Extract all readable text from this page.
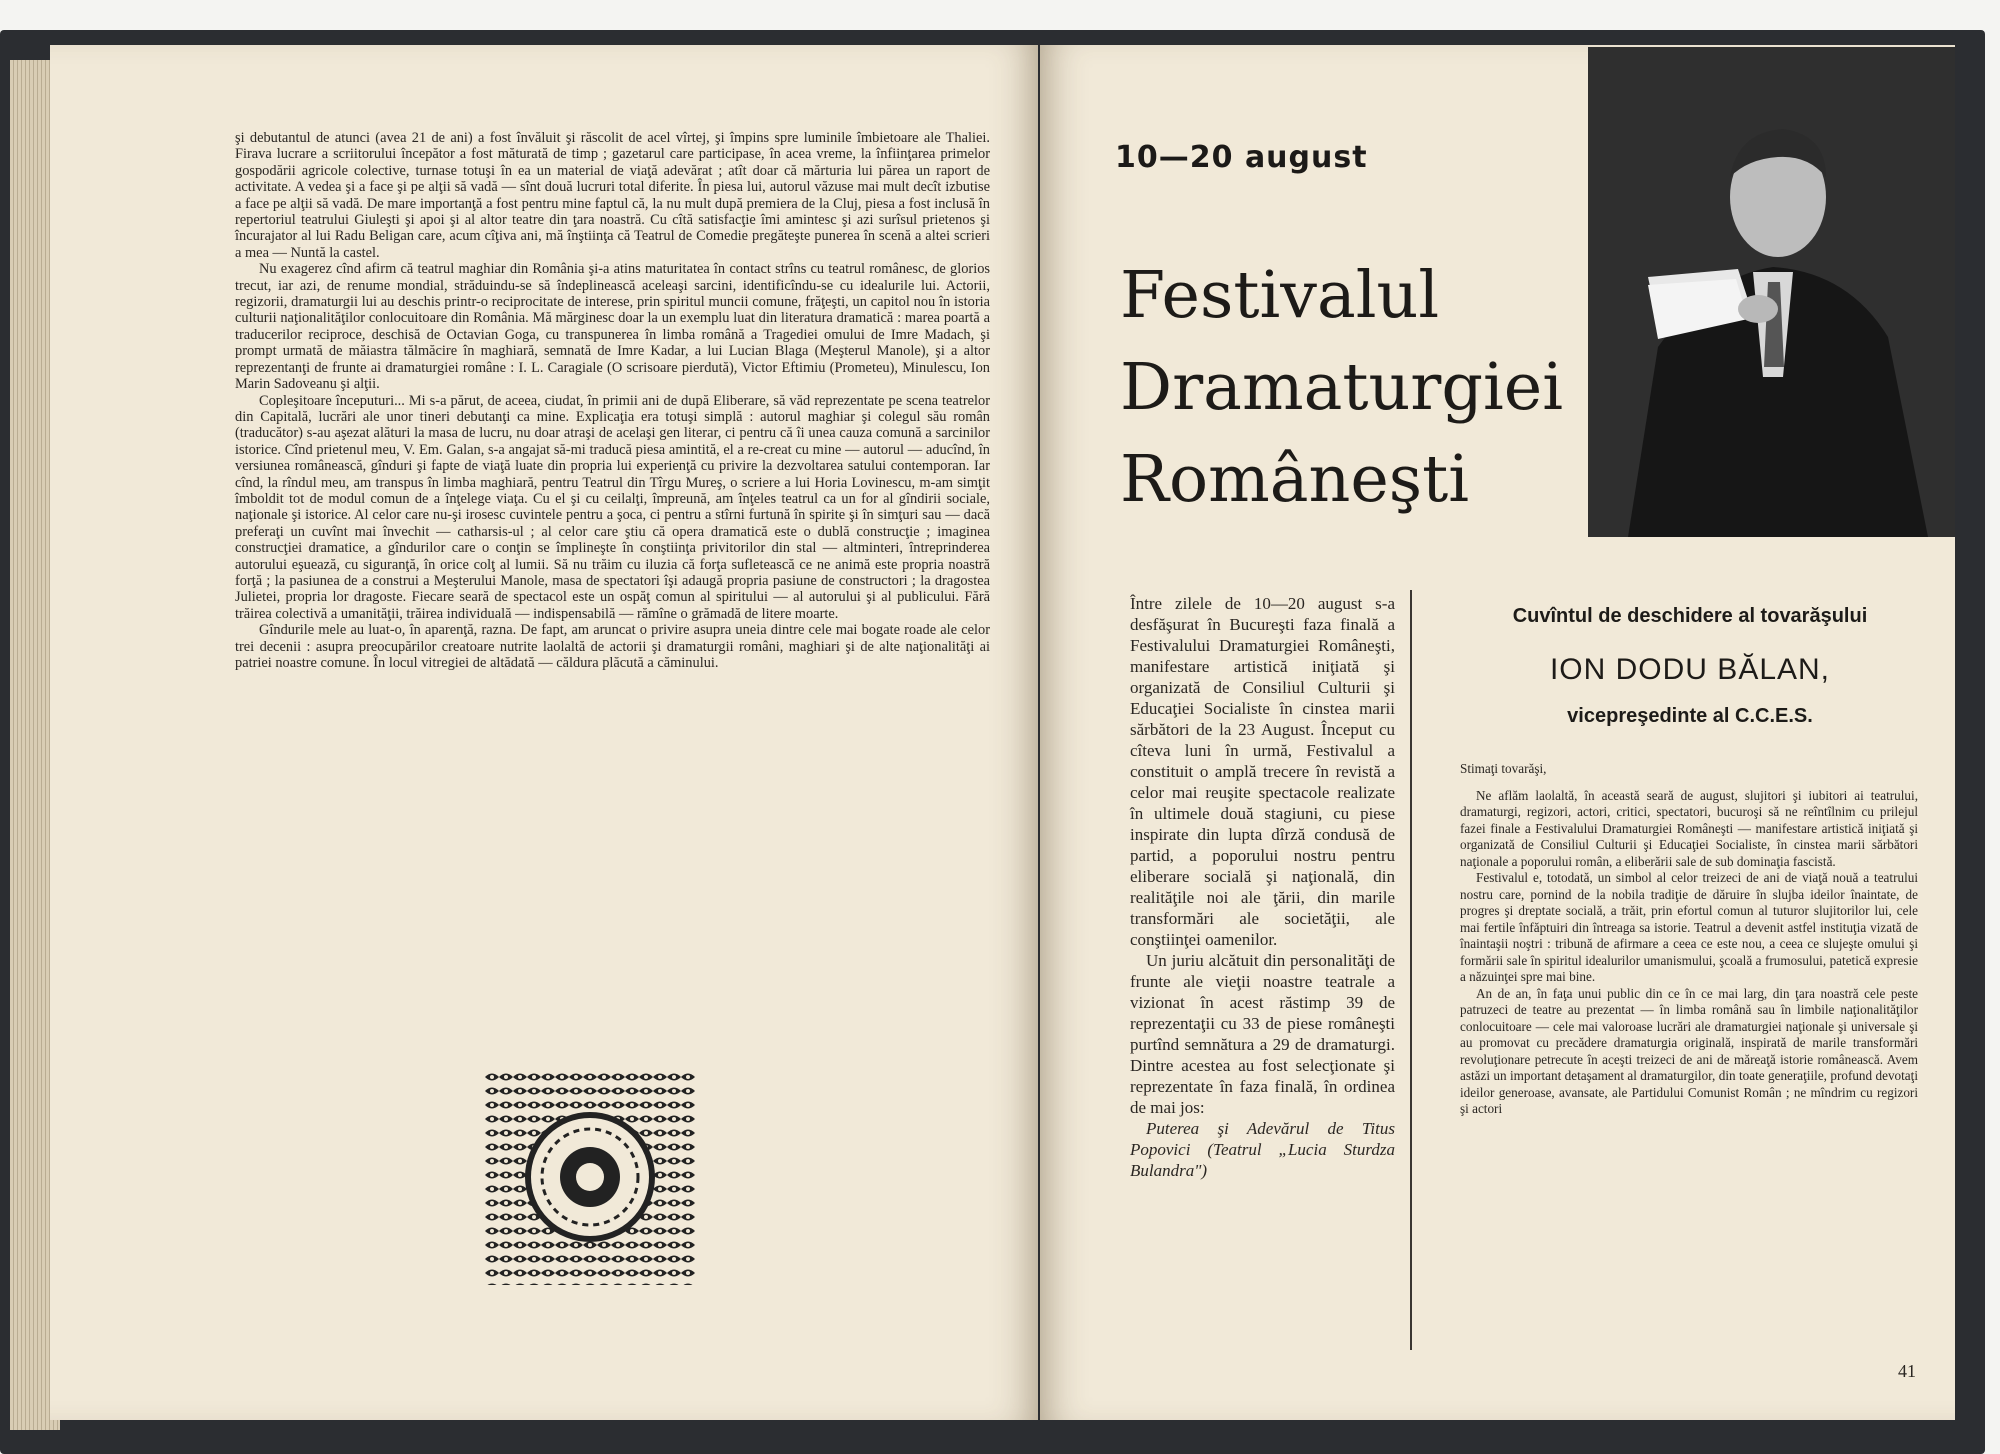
şi debutantul de atunci (avea 21 de ani) a fost învăluit şi răscolit de acel vîrtej, şi împins spre luminile îmbietoare ale Thaliei. Firava lucrare a scriitorului începător a fost măturată de timp ; gazetarul care participase, în acea vreme, la înfiinţarea primelor gospodării agricole colective, turnase totuşi în ea un material de viaţă adevărat ; atît doar că mărturia lui părea un raport de activitate. A vedea şi a face şi pe alţii să vadă — sînt două lucruri total diferite. În piesa lui, autorul văzuse mai mult decît izbutise a face pe alţii să vadă. De mare importanţă a fost pentru mine faptul că, la nu mult după premiera de la Cluj, piesa a fost inclusă în repertoriul teatrului Giuleşti şi apoi şi al altor teatre din ţara noastră. Cu cîtă satisfacţie îmi amintesc şi azi surîsul prietenos şi încurajator al lui Radu Beligan care, acum cîţiva ani, mă înştiinţa că Teatrul de Comedie pregăteşte punerea în scenă a altei scrieri a mea — Nuntă la castel.

Nu exagerez cînd afirm că teatrul maghiar din România şi-a atins maturitatea în contact strîns cu teatrul românesc, de glorios trecut, iar azi, de renume mondial, străduindu-se să îndeplinească aceleaşi sarcini, identificîndu-se cu idealurile lui. Actorii, regizorii, dramaturgii lui au deschis printr-o reciprocitate de interese, prin spiritul muncii comune, frăţeşti, un capitol nou în istoria culturii naţionalităţilor conlocuitoare din România. Mă mărginesc doar la un exemplu luat din literatura dramatică : marea poartă a traducerilor reciproce, deschisă de Octavian Goga, cu transpunerea în limba română a Tragediei omului de Imre Madach, şi prompt urmată de măiastra tălmăcire în maghiară, semnată de Imre Kadar, a lui Lucian Blaga (Meşterul Manole), şi a altor reprezentanţi de frunte ai dramaturgiei române : I. L. Caragiale (O scrisoare pierdută), Victor Eftimiu (Prometeu), Minulescu, Ion Marin Sadoveanu şi alţii.

Copleşitoare începuturi... Mi s-a părut, de aceea, ciudat, în primii ani de după Eliberare, să văd reprezentate pe scena teatrelor din Capitală, lucrări ale unor tineri debutanţi ca mine. Explicaţia era totuşi simplă : autorul maghiar şi colegul său român (traducător) s-au aşezat alături la masa de lucru, nu doar atraşi de acelaşi gen literar, ci pentru că îi unea cauza comună a sarcinilor istorice. Cînd prietenul meu, V. Em. Galan, s-a angajat să-mi traducă piesa amintită, el a re-creat cu mine — autorul — aducînd, în versiunea românească, gînduri şi fapte de viaţă luate din propria lui experienţă cu privire la dezvoltarea satului contemporan. Iar cînd, la rîndul meu, am transpus în limba maghiară, pentru Teatrul din Tîrgu Mureş, o scriere a lui Horia Lovinescu, m-am simţit îmboldit tot de modul comun de a înţelege viaţa. Cu el şi cu ceilalţi, împreună, am înţeles teatrul ca un for al gîndirii sociale, naţionale şi istorice. Al celor care nu-şi irosesc cuvintele pentru a şoca, ci pentru a stîrni furtună în spirite şi în simţuri sau — dacă preferaţi un cuvînt mai învechit — catharsis-ul ; al celor care ştiu că opera dramatică este o dublă construcţie ; imaginea construcţiei dramatice, a gîndurilor care o conţin se împlineşte în conştiinţa privitorilor din stal — altminteri, întreprinderea autorului eşuează, cu siguranţă, în orice colţ al lumii. Să nu trăim cu iluzia că forţa sufletească ce ne animă este propria noastră forţă ; la pasiunea de a construi a Meşterului Manole, masa de spectatori îşi adaugă propria pasiune de constructori ; la dragostea Julietei, propria lor dragoste. Fiecare seară de spectacol este un ospăţ comun al spiritului — al autorului şi al publicului. Fără trăirea colectivă a umanităţii, trăirea individuală — indispensabilă — rămîne o grămadă de litere moarte.

Gîndurile mele au luat-o, în aparenţă, razna. De fapt, am aruncat o privire asupra uneia dintre cele mai bogate roade ale celor trei decenii : asupra preocupărilor creatoare nutrite laolaltă de actorii şi dramaturgii români, maghiari şi de alte naţionalităţi ai patriei noastre comune. În locul vitregiei de altădată — căldura plăcută a căminului.

10—20 august
Festivalul
Dramaturgiei
Româneşti

Între zilele de 10—20 august s-a desfăşurat în Bucureşti faza finală a Festivalului Dramaturgiei Româneşti, manifestare artistică iniţiată şi organizată de Consiliul Culturii şi Educaţiei Socialiste în cinstea marii sărbători de la 23 August. Început cu cîteva luni în urmă, Festivalul a constituit o amplă trecere în revistă a celor mai reuşite spectacole realizate în ultimele două stagiuni, cu piese inspirate din lupta dîrză condusă de partid, a poporului nostru pentru eliberare socială şi naţională, din realităţile noi ale ţării, din marile transformări ale societăţii, ale conştiinţei oamenilor.

Un juriu alcătuit din personalităţi de frunte ale vieţii noastre teatrale a vizionat în acest răstimp 39 de reprezentaţii cu 33 de piese româneşti purtînd semnătura a 29 de dramaturgi. Dintre acestea au fost selecţionate şi reprezentate în faza finală, în ordinea de mai jos:

Puterea şi Adevărul de Titus Popovici (Teatrul „Lucia Sturdza Bulandra")

Cuvîntul de deschidere al tovarăşului
ION DODU BĂLAN,
vicepreşedinte al C.C.E.S.

Stimaţi tovarăşi,

Ne aflăm laolaltă, în această seară de august, slujitori şi iubitori ai teatrului, dramaturgi, regizori, actori, critici, spectatori, bucuroşi să ne reîntîlnim cu prilejul fazei finale a Festivalului Dramaturgiei Româneşti — manifestare artistică iniţiată şi organizată de Consiliul Culturii şi Educaţiei Socialiste, în cinstea marii sărbători naţionale a poporului român, a eliberării sale de sub dominaţia fascistă.

Festivalul e, totodată, un simbol al celor treizeci de ani de viaţă nouă a teatrului nostru care, pornind de la nobila tradiţie de dăruire în slujba ideilor înaintate, de progres şi dreptate socială, a trăit, prin efortul comun al tuturor slujitorilor lui, cele mai fertile înfăptuiri din întreaga sa istorie. Teatrul a devenit astfel instituţia vizată de înaintaşii noştri : tribună de afirmare a ceea ce este nou, a ceea ce slujeşte omului şi formării sale în spiritul idealurilor umanismului, şcoală a frumosului, patetică expresie a năzuinţei spre mai bine.

An de an, în faţa unui public din ce în ce mai larg, din ţara noastră cele peste patruzeci de teatre au prezentat — în limba română sau în limbile naţionalităţilor conlocuitoare — cele mai valoroase lucrări ale dramaturgiei naţionale şi universale şi au promovat cu precădere dramaturgia originală, inspirată de marile transformări revoluţionare petrecute în aceşti treizeci de ani de măreaţă istorie românească. Avem astăzi un important detaşament al dramaturgilor, din toate generaţiile, profund devotaţi ideilor generoase, avansate, ale Partidului Comunist Român ; ne mîndrim cu regizori şi actori

41
